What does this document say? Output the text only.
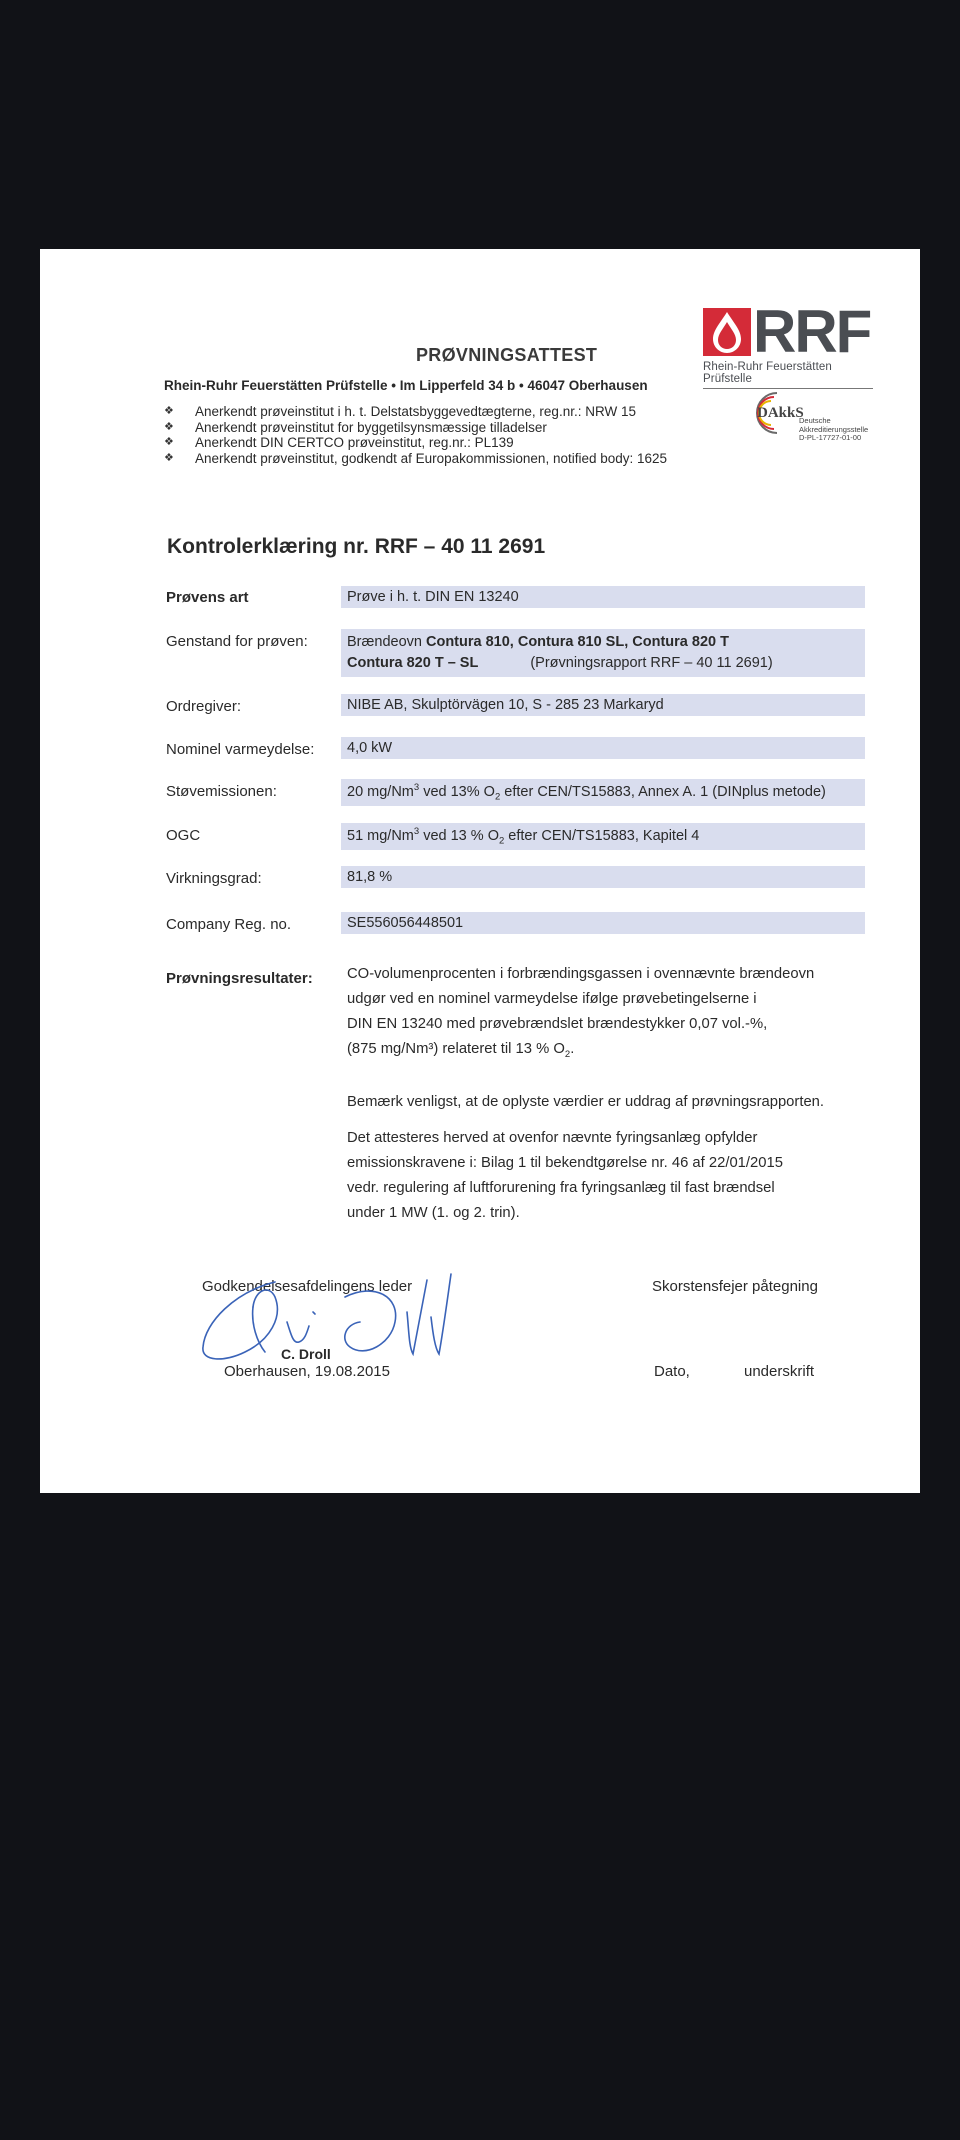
PRØVNINGSATTEST
Rhein-Ruhr Feuerstätten Prüfstelle • Im Lipperfeld 34 b • 46047 Oberhausen
❖	Anerkendt prøveinstitut i h. t. Delstatsbyggevedtægterne, reg.nr.: NRW 15
❖	Anerkendt prøveinstitut for byggetilsynsmæssige tilladelser
❖	Anerkendt DIN CERTCO prøveinstitut, reg.nr.: PL139
❖	Anerkendt prøveinstitut, godkendt af Europakommissionen, notified body: 1625
RRF
Rhein-Ruhr Feuerstätten Prüfstelle
DAkkS
Deutsche
Akkreditierungsstelle
D-PL-17727-01-00
Kontrolerklæring nr. RRF – 40 11 2691
Prøvens art	Prøve i h. t. DIN EN 13240
Genstand for prøven:	Brændeovn Contura 810, Contura 810 SL, Contura 820 T
Contura 820 T – SL	(Prøvningsrapport RRF – 40 11 2691)
Ordregiver:	NIBE AB, Skulptörvägen 10, S - 285 23 Markaryd
Nominel varmeydelse:	4,0 kW
Støvemissionen:	20 mg/Nm$^3$ ved 13% $O_2$ efter CEN/TS15883, Annex A. 1 (DINplus metode)
OGC	51 mg/Nm$^3$ ved 13 % $O_2$ efter CEN/TS15883, Kapitel 4
Virkningsgrad:	81,8 %
Company Reg. no.	SE556056448501
Prøvningsresultater: CO-volumenprocenten i forbrændingsgassen i ovennævnte brændeovn
udgør ved en nominel varmeydelse ifølge prøvebetingelserne i
DIN EN 13240 med prøvebrændslet brændestykker 0,07 vol.-%,
(875 mg/Nm³) relateret til 13 % $O_2$.
Bemærk venligst, at de oplyste værdier er uddrag af prøvningsrapporten.
Det attesteres herved at ovenfor nævnte fyringsanlæg opfylder
emissionskravene i: Bilag 1 til bekendtgørelse nr. 46 af 22/01/2015
vedr. regulering af luftforurening fra fyringsanlæg til fast brændsel
under 1 MW (1. og 2. trin).
Godkendelsesafdelingens leder	Skorstensfejer påtegning
C. Droll
Oberhausen, 19.08.2015	Dato,	underskrift
